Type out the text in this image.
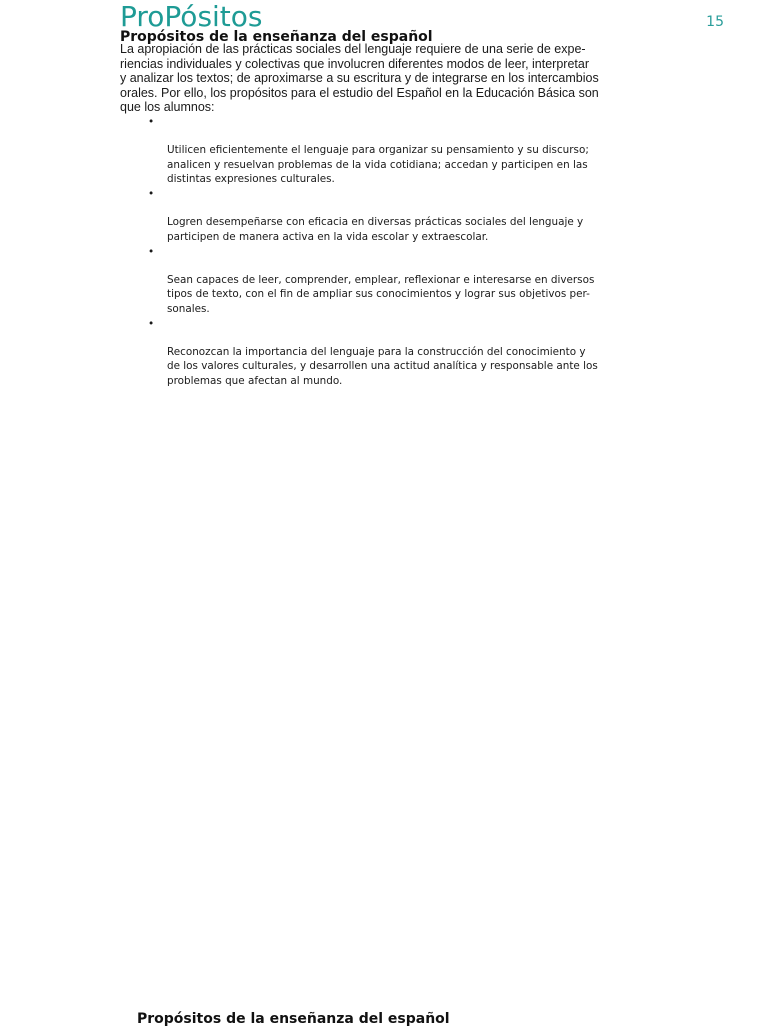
ProPósitos	15
Propósitos de la enseñanza del español

La apropiación de las prácticas sociales del lenguaje requiere de una serie de expe-
riencias individuales y colectivas que involucren diferentes modos de leer, interpretar
y analizar los textos; de aproximarse a su escritura y de integrarse en los intercambios
orales. Por ello, los propósitos para el estudio del Español en la Educación Básica son
que los alumnos:

•

Utilicen eficientemente el lenguaje para organizar su pensamiento y su discurso;
analicen y resuelvan problemas de la vida cotidiana; accedan y participen en las
distintas expresiones culturales.

•

Logren desempeñarse con eficacia en diversas prácticas sociales del lenguaje y
participen de manera activa en la vida escolar y extraescolar.

•

Sean capaces de leer, comprender, emplear, reflexionar e interesarse en diversos
tipos de texto, con el fin de ampliar sus conocimientos y lograr sus objetivos per-
sonales.

•

Reconozcan la importancia del lenguaje para la construcción del conocimiento y
de los valores culturales, y desarrollen una actitud analítica y responsable ante los
problemas que afectan al mundo.

Propósitos de la enseñanza del español
